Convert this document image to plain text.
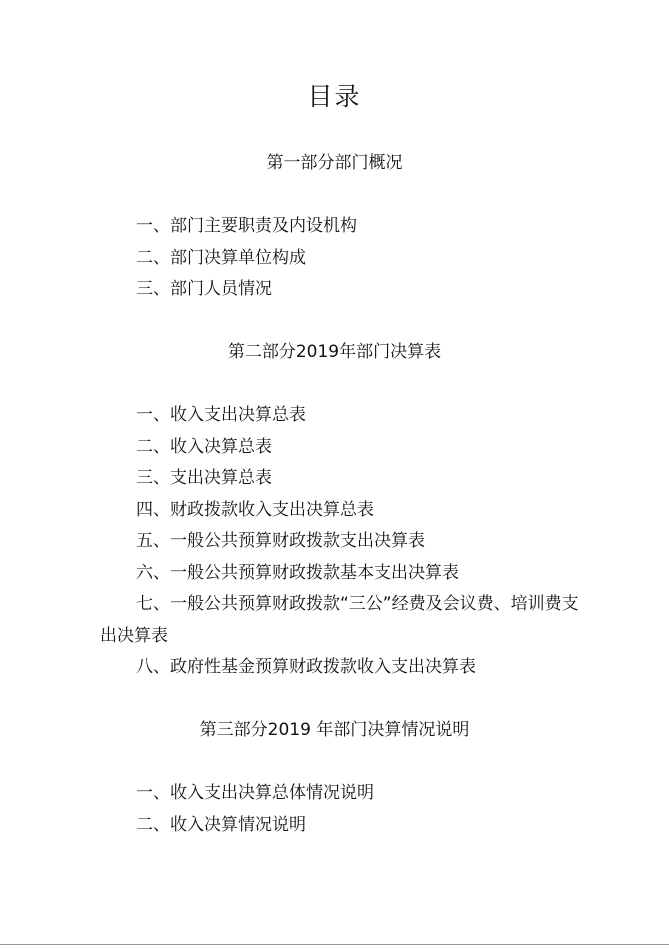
目录
第一部分部门概况
一、部门主要职责及内设机构
二、部门决算单位构成
三、部门人员情况
第二部分2019年部门决算表
一、收入支出决算总表
二、收入决算总表
三、支出决算总表
四、财政拨款收入支出决算总表
五、一般公共预算财政拨款支出决算表
六、一般公共预算财政拨款基本支出决算表
七、一般公共预算财政拨款“三公”经费及会议费、培训费支出决算表
八、政府性基金预算财政拨款收入支出决算表
第三部分2019 年部门决算情况说明
一、收入支出决算总体情况说明
二、收入决算情况说明
